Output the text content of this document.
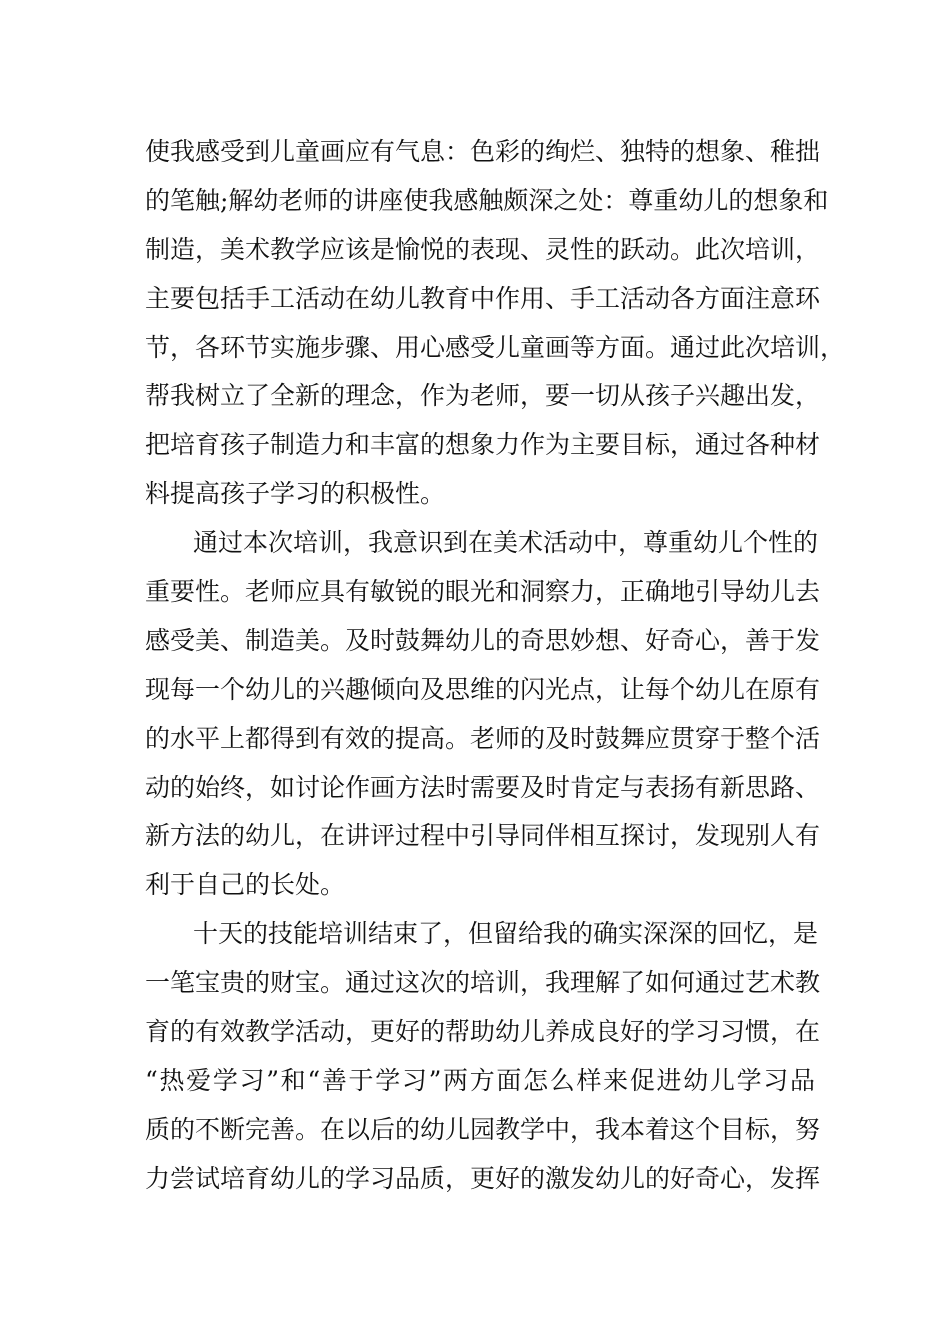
使我感受到儿童画应有气息：色彩的绚烂、独特的想象、稚拙
的笔触;解幼老师的讲座使我感触颇深之处：尊重幼儿的想象和
制造，美术教学应该是愉悦的表现、灵性的跃动。此次培训，
主要包括手工活动在幼儿教育中作用、手工活动各方面注意环
节，各环节实施步骤、用心感受儿童画等方面。通过此次培训，
帮我树立了全新的理念，作为老师，要一切从孩子兴趣出发，
把培育孩子制造力和丰富的想象力作为主要目标，通过各种材
料提高孩子学习的积极性。
通过本次培训，我意识到在美术活动中，尊重幼儿个性的
重要性。老师应具有敏锐的眼光和洞察力，正确地引导幼儿去
感受美、制造美。及时鼓舞幼儿的奇思妙想、好奇心，善于发
现每一个幼儿的兴趣倾向及思维的闪光点，让每个幼儿在原有
的水平上都得到有效的提高。老师的及时鼓舞应贯穿于整个活
动的始终，如讨论作画方法时需要及时肯定与表扬有新思路、
新方法的幼儿，在讲评过程中引导同伴相互探讨，发现别人有
利于自己的长处。
十天的技能培训结束了，但留给我的确实深深的回忆，是
一笔宝贵的财宝。通过这次的培训，我理解了如何通过艺术教
育的有效教学活动，更好的帮助幼儿养成良好的学习习惯，在
“热爱学习”和“善于学习”两方面怎么样来促进幼儿学习品
质的不断完善。在以后的幼儿园教学中，我本着这个目标，努
力尝试培育幼儿的学习品质，更好的激发幼儿的好奇心，发挥
